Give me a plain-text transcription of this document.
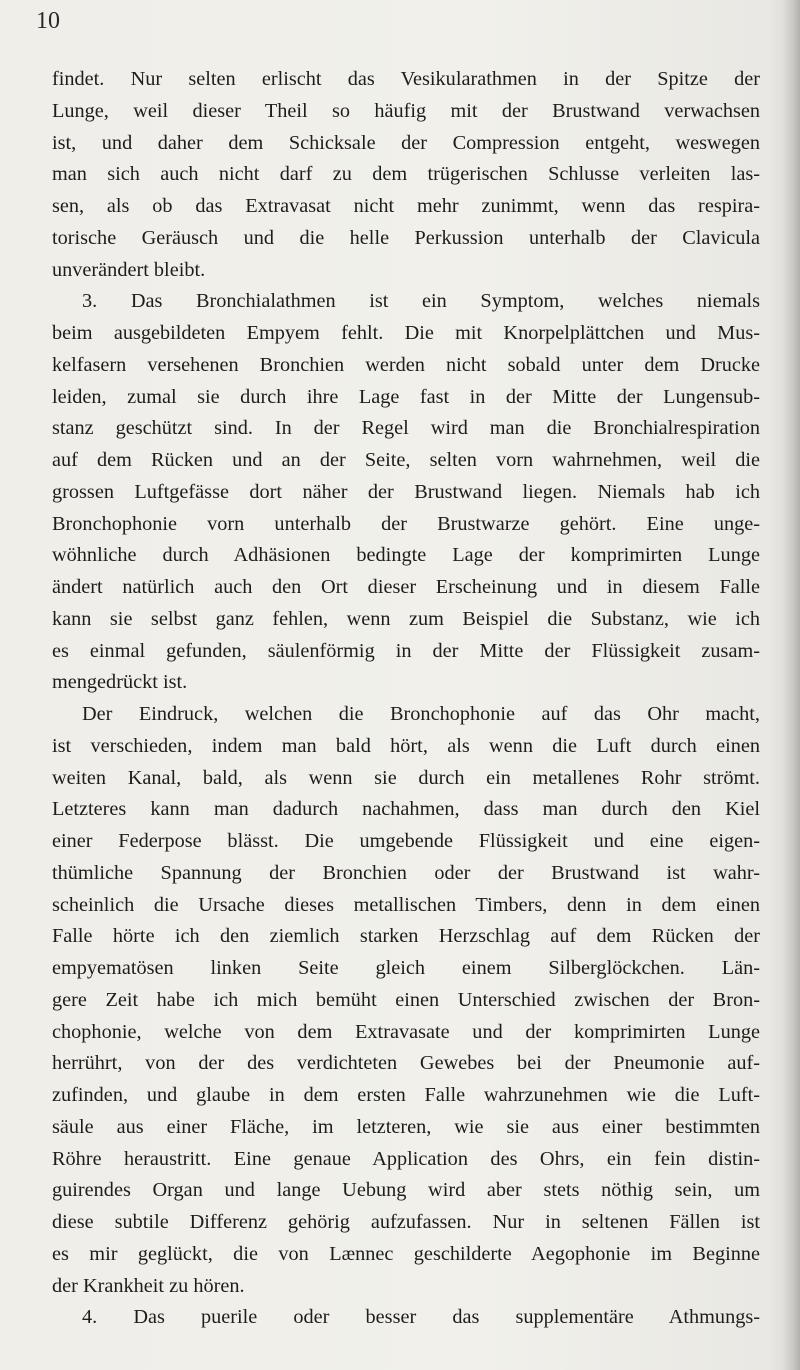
10
findet. Nur selten erlischt das Vesikularathmen in der Spitze der
Lunge, weil dieser Theil so häufig mit der Brustwand verwachsen
ist, und daher dem Schicksale der Compression entgeht, weswegen
man sich auch nicht darf zu dem trügerischen Schlusse verleiten las-
sen, als ob das Extravasat nicht mehr zunimmt, wenn das respira-
torische Geräusch und die helle Perkussion unterhalb der Clavicula
unverändert bleibt.
3. Das Bronchialathmen ist ein Symptom, welches niemals
beim ausgebildeten Empyem fehlt. Die mit Knorpelplättchen und Mus-
kelfasern versehenen Bronchien werden nicht sobald unter dem Drucke
leiden, zumal sie durch ihre Lage fast in der Mitte der Lungensub-
stanz geschützt sind. In der Regel wird man die Bronchialrespiration
auf dem Rücken und an der Seite, selten vorn wahrnehmen, weil die
grossen Luftgefässe dort näher der Brustwand liegen. Niemals hab ich
Bronchophonie vorn unterhalb der Brustwarze gehört. Eine unge-
wöhnliche durch Adhäsionen bedingte Lage der komprimirten Lunge
ändert natürlich auch den Ort dieser Erscheinung und in diesem Falle
kann sie selbst ganz fehlen, wenn zum Beispiel die Substanz, wie ich
es einmal gefunden, säulenförmig in der Mitte der Flüssigkeit zusam-
mengedrückt ist.
Der Eindruck, welchen die Bronchophonie auf das Ohr macht,
ist verschieden, indem man bald hört, als wenn die Luft durch einen
weiten Kanal, bald, als wenn sie durch ein metallenes Rohr strömt.
Letzteres kann man dadurch nachahmen, dass man durch den Kiel
einer Federpose blässt. Die umgebende Flüssigkeit und eine eigen-
thümliche Spannung der Bronchien oder der Brustwand ist wahr-
scheinlich die Ursache dieses metallischen Timbers, denn in dem einen
Falle hörte ich den ziemlich starken Herzschlag auf dem Rücken der
empyematösen linken Seite gleich einem Silberglöckchen. Län-
gere Zeit habe ich mich bemüht einen Unterschied zwischen der Bron-
chophonie, welche von dem Extravasate und der komprimirten Lunge
herrührt, von der des verdichteten Gewebes bei der Pneumonie auf-
zufinden, und glaube in dem ersten Falle wahrzunehmen wie die Luft-
säule aus einer Fläche, im letzteren, wie sie aus einer bestimmten
Röhre heraustritt. Eine genaue Application des Ohrs, ein fein distin-
guirendes Organ und lange Uebung wird aber stets nöthig sein, um
diese subtile Differenz gehörig aufzufassen. Nur in seltenen Fällen ist
es mir geglückt, die von Lænnec geschilderte Aegophonie im Beginne
der Krankheit zu hören.
4. Das puerile oder besser das supplementäre Athmungs-
